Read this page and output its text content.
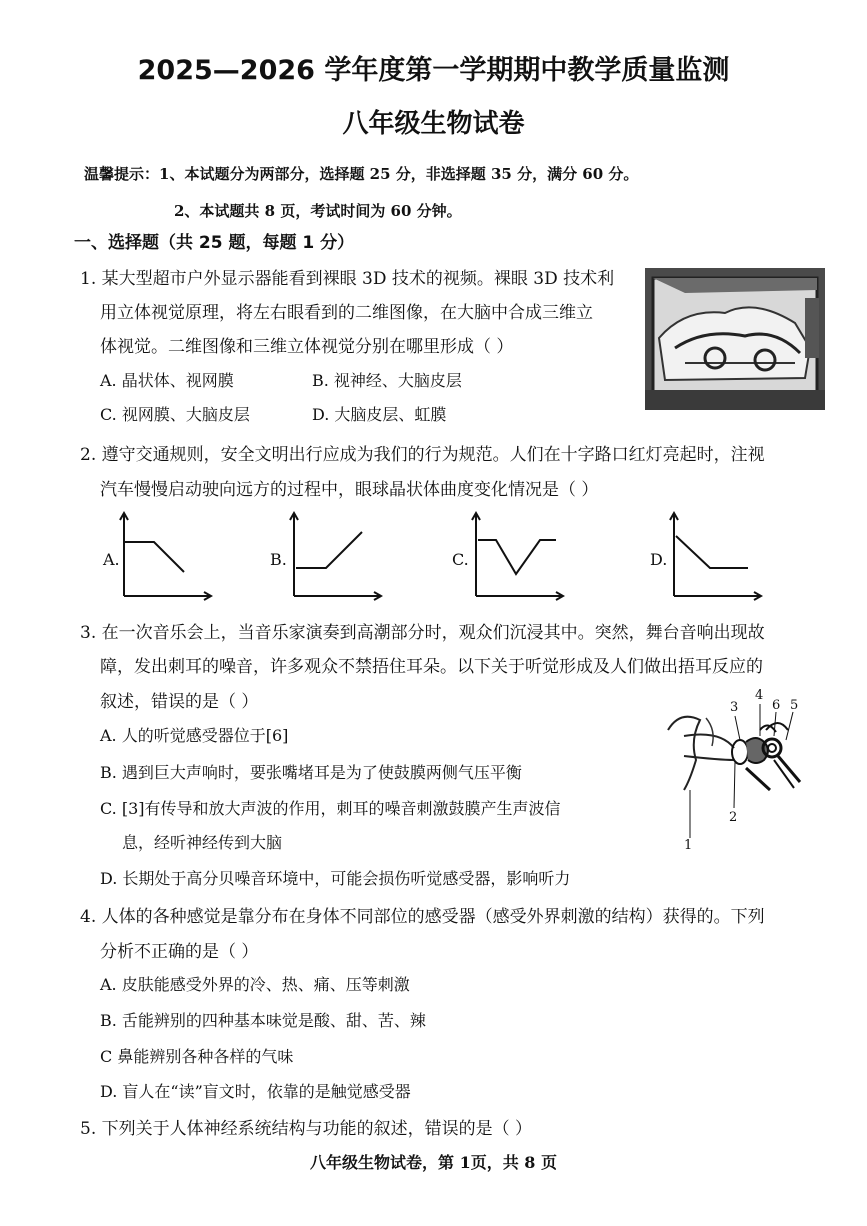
2025—2026 学年度第一学期期中教学质量监测
八年级生物试卷
温馨提示：1、本试题分为两部分，选择题 25 分，非选择题 35 分，满分 60 分。
2、本试题共 8 页，考试时间为 60 分钟。
一、选择题（共 25 题，每题 1 分）
1. 某大型超市户外显示器能看到裸眼 3D 技术的视频。裸眼 3D 技术利
用立体视觉原理，将左右眼看到的二维图像，在大脑中合成三维立
体视觉。二维图像和三维立体视觉分别在哪里形成（ ）
A. 晶状体、视网膜	B. 视神经、大脑皮层
C. 视网膜、大脑皮层	D. 大脑皮层、虹膜
2. 遵守交通规则，安全文明出行应成为我们的行为规范。人们在十字路口红灯亮起时，注视
汽车慢慢启动驶向远方的过程中，眼球晶状体曲度变化情况是（ ）
A.	B.	C.	D.
3. 在一次音乐会上，当音乐家演奏到高潮部分时，观众们沉浸其中。突然，舞台音响出现故
障，发出刺耳的噪音，许多观众不禁捂住耳朵。以下关于听觉形成及人们做出捂耳反应的
叙述，错误的是（ ）
A. 人的听觉感受器位于[6]
B. 遇到巨大声响时，要张嘴堵耳是为了使鼓膜两侧气压平衡
C. [3]有传导和放大声波的作用，刺耳的噪音刺激鼓膜产生声波信
息，经听神经传到大脑
D. 长期处于高分贝噪音环境中，可能会损伤听觉感受器，影响听力
3
4
6 5
2
1
4. 人体的各种感觉是靠分布在身体不同部位的感受器（感受外界刺激的结构）获得的。下列
分析不正确的是（ ）
A. 皮肤能感受外界的冷、热、痛、压等刺激
B. 舌能辨别的四种基本味觉是酸、甜、苦、辣
C 鼻能辨别各种各样的气味
D. 盲人在“读”盲文时，依靠的是触觉感受器
5. 下列关于人体神经系统结构与功能的叙述，错误的是（ ）
八年级生物试卷，第 1页，共 8 页
